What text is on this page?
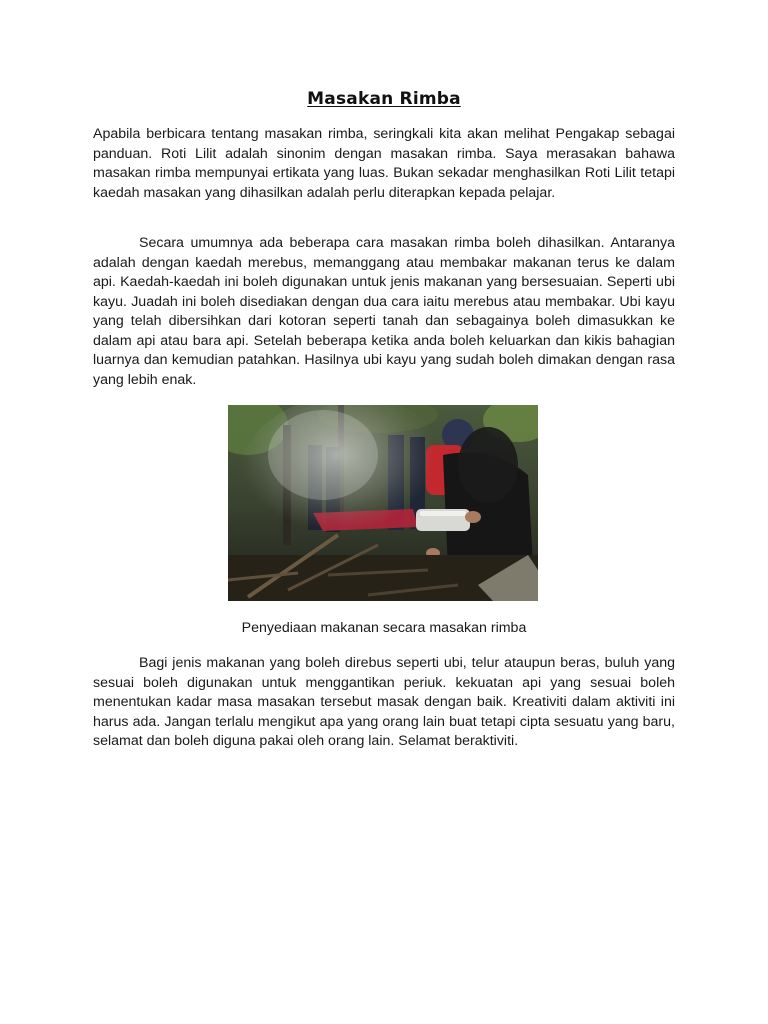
Masakan Rimba
Apabila berbicara tentang masakan rimba, seringkali kita akan melihat Pengakap sebagai panduan. Roti Lilit adalah sinonim dengan masakan rimba. Saya merasakan bahawa masakan rimba mempunyai ertikata yang luas. Bukan sekadar menghasilkan Roti Lilit tetapi kaedah masakan yang dihasilkan adalah perlu diterapkan kepada pelajar.
Secara umumnya ada beberapa cara masakan rimba boleh dihasilkan. Antaranya adalah dengan kaedah merebus, memanggang atau membakar makanan terus ke dalam api. Kaedah-kaedah ini boleh digunakan untuk jenis makanan yang bersesuaian. Seperti ubi kayu. Juadah ini boleh disediakan dengan dua cara iaitu merebus atau membakar. Ubi kayu yang telah dibersihkan dari kotoran seperti tanah dan sebagainya boleh dimasukkan ke dalam api atau bara api. Setelah beberapa ketika anda boleh keluarkan dan kikis bahagian luarnya dan kemudian patahkan. Hasilnya ubi kayu yang sudah boleh dimakan dengan rasa yang lebih enak.
Penyediaan makanan secara masakan rimba
Bagi jenis makanan yang boleh direbus seperti ubi, telur ataupun beras, buluh yang sesuai boleh digunakan untuk menggantikan periuk. kekuatan api yang sesuai boleh menentukan kadar masa masakan tersebut masak dengan baik. Kreativiti dalam aktiviti ini harus ada. Jangan terlalu mengikut apa yang orang lain buat tetapi cipta sesuatu yang baru, selamat dan boleh diguna pakai oleh orang lain. Selamat beraktiviti.
